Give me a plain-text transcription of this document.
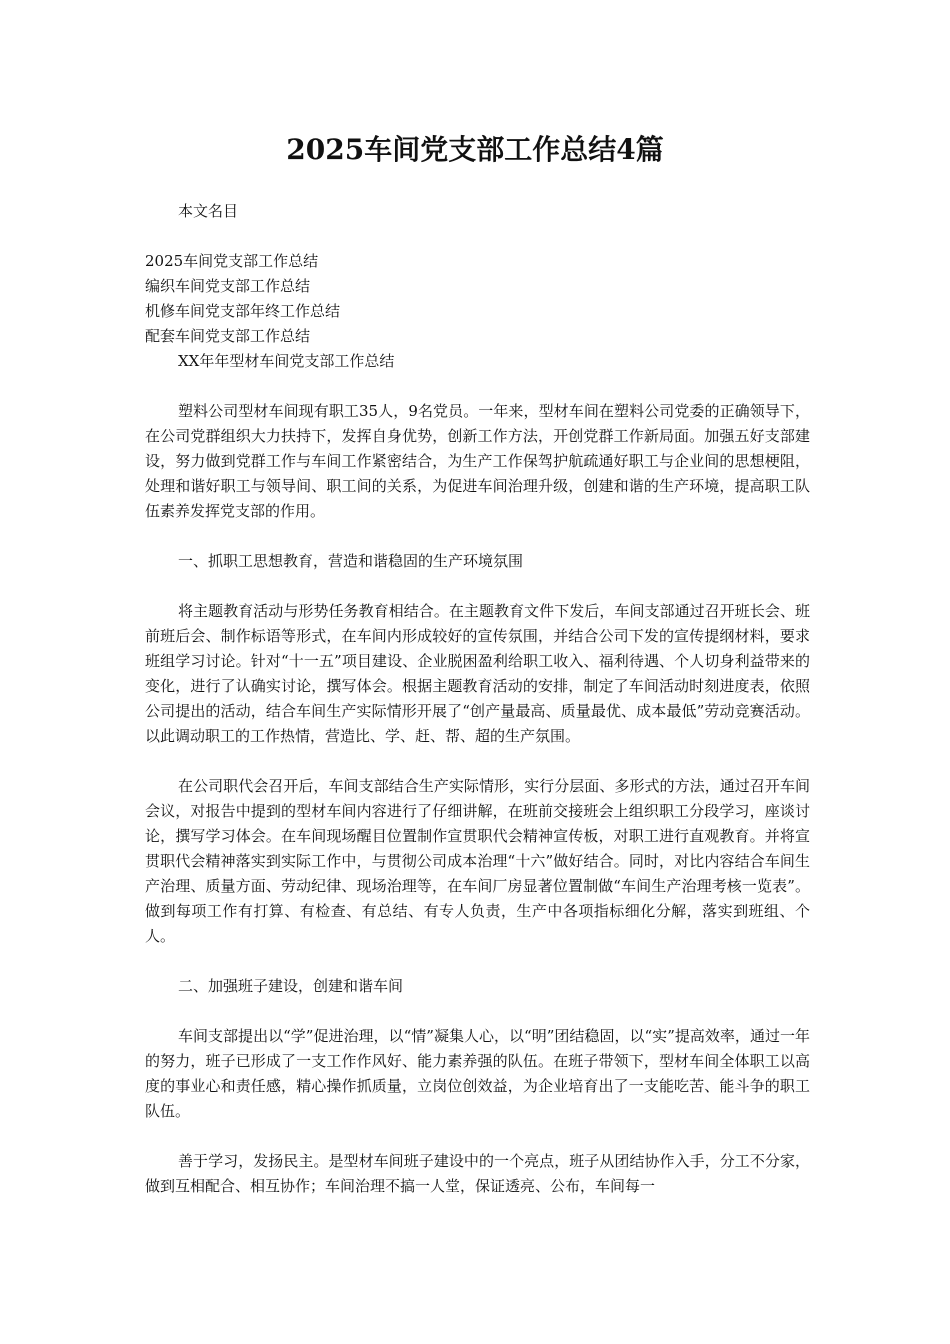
2025车间党支部工作总结4篇

本文名目

2025车间党支部工作总结

编织车间党支部工作总结

机修车间党支部年终工作总结

配套车间党支部工作总结

XX年年型材车间党支部工作总结

塑料公司型材车间现有职工35人，9名党员。一年来，型材车间在塑料公司党委的正确领导下，在公司党群组织大力扶持下，发挥自身优势，创新工作方法，开创党群工作新局面。加强五好支部建设，努力做到党群工作与车间工作紧密结合，为生产工作保驾护航疏通好职工与企业间的思想梗阻，处理和谐好职工与领导间、职工间的关系，为促进车间治理升级，创建和谐的生产环境，提高职工队伍素养发挥党支部的作用。

一、抓职工思想教育，营造和谐稳固的生产环境氛围

将主题教育活动与形势任务教育相结合。在主题教育文件下发后，车间支部通过召开班长会、班前班后会、制作标语等形式，在车间内形成较好的宣传氛围，并结合公司下发的宣传提纲材料，要求班组学习讨论。针对“十一五”项目建设、企业脱困盈利给职工收入、福利待遇、个人切身利益带来的变化，进行了认确实讨论，撰写体会。根据主题教育活动的安排，制定了车间活动时刻进度表，依照公司提出的活动，结合车间生产实际情形开展了“创产量最高、质量最优、成本最低”劳动竞赛活动。以此调动职工的工作热情，营造比、学、赶、帮、超的生产氛围。

在公司职代会召开后，车间支部结合生产实际情形，实行分层面、多形式的方法，通过召开车间会议，对报告中提到的型材车间内容进行了仔细讲解，在班前交接班会上组织职工分段学习，座谈讨论，撰写学习体会。在车间现场醒目位置制作宣贯职代会精神宣传板，对职工进行直观教育。并将宣贯职代会精神落实到实际工作中，与贯彻公司成本治理“十六”做好结合。同时，对比内容结合车间生产治理、质量方面、劳动纪律、现场治理等，在车间厂房显著位置制做“车间生产治理考核一览表”。做到每项工作有打算、有检查、有总结、有专人负责，生产中各项指标细化分解，落实到班组、个人。

二、加强班子建设，创建和谐车间

车间支部提出以“学”促进治理，以“情”凝集人心，以“明”团结稳固，以“实”提高效率，通过一年的努力，班子已形成了一支工作作风好、能力素养强的队伍。在班子带领下，型材车间全体职工以高度的事业心和责任感，精心操作抓质量，立岗位创效益，为企业培育出了一支能吃苦、能斗争的职工队伍。

善于学习，发扬民主。是型材车间班子建设中的一个亮点，班子从团结协作入手，分工不分家，做到互相配合、相互协作；车间治理不搞一人堂，保证透亮、公布，车间每一
